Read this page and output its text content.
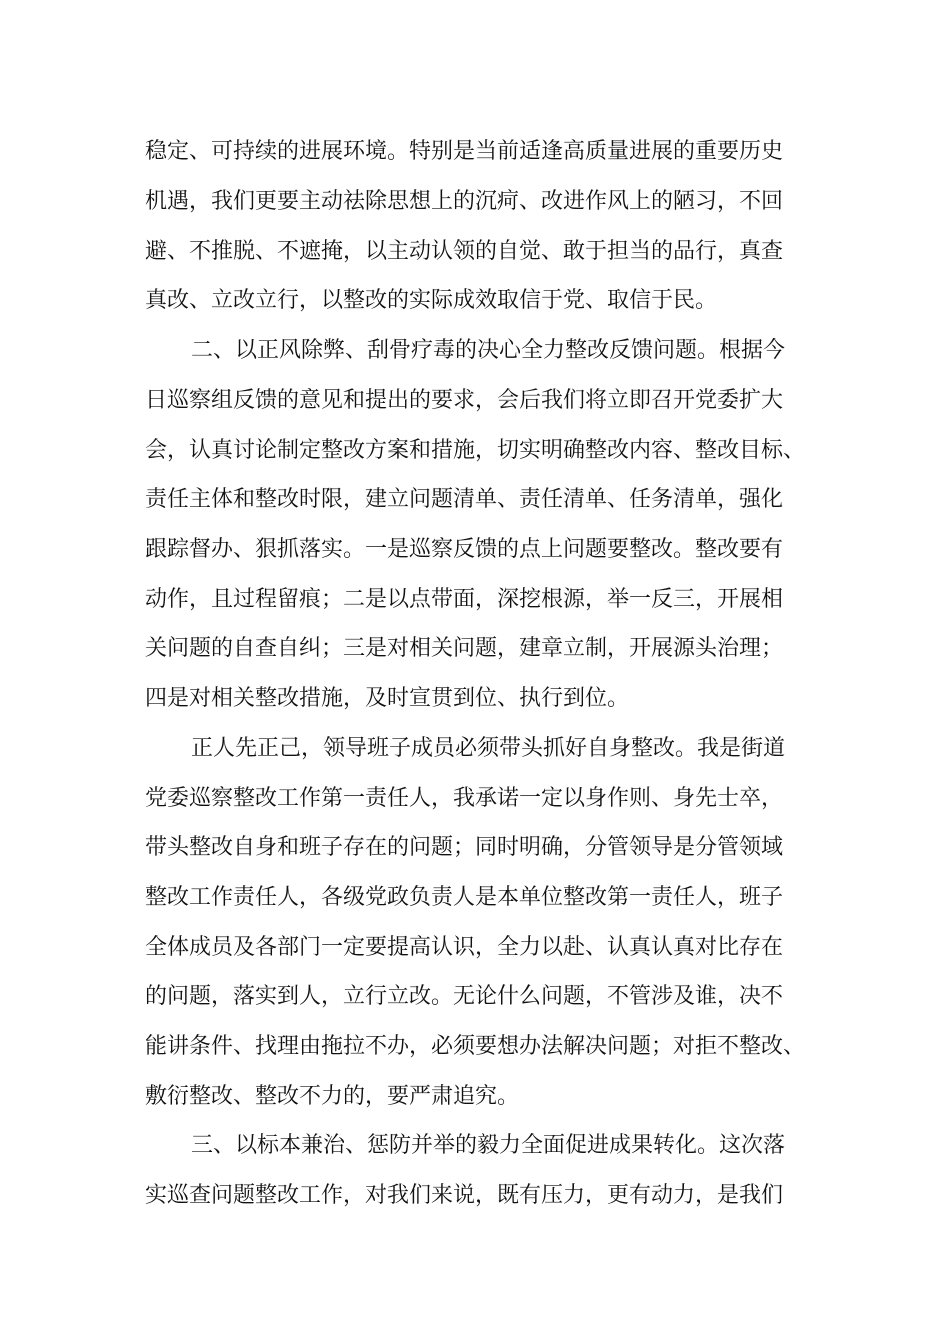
稳定、可持续的进展环境。特别是当前适逢高质量进展的重要历史
机遇，我们更要主动祛除思想上的沉疴、改进作风上的陋习，不回
避、不推脱、不遮掩，以主动认领的自觉、敢于担当的品行，真查
真改、立改立行，以整改的实际成效取信于党、取信于民。
二、以正风除弊、刮骨疗毒的决心全力整改反馈问题。根据今
日巡察组反馈的意见和提出的要求，会后我们将立即召开党委扩大
会，认真讨论制定整改方案和措施，切实明确整改内容、整改目标、
责任主体和整改时限，建立问题清单、责任清单、任务清单，强化
跟踪督办、狠抓落实。一是巡察反馈的点上问题要整改。整改要有
动作，且过程留痕；二是以点带面，深挖根源，举一反三，开展相
关问题的自查自纠；三是对相关问题，建章立制，开展源头治理；
四是对相关整改措施，及时宣贯到位、执行到位。
正人先正己，领导班子成员必须带头抓好自身整改。我是街道
党委巡察整改工作第一责任人，我承诺一定以身作则、身先士卒，
带头整改自身和班子存在的问题；同时明确，分管领导是分管领域
整改工作责任人，各级党政负责人是本单位整改第一责任人，班子
全体成员及各部门一定要提高认识，全力以赴、认真认真对比存在
的问题，落实到人，立行立改。无论什么问题，不管涉及谁，决不
能讲条件、找理由拖拉不办，必须要想办法解决问题；对拒不整改、
敷衍整改、整改不力的，要严肃追究。
三、以标本兼治、惩防并举的毅力全面促进成果转化。这次落
实巡查问题整改工作，对我们来说，既有压力，更有动力，是我们
